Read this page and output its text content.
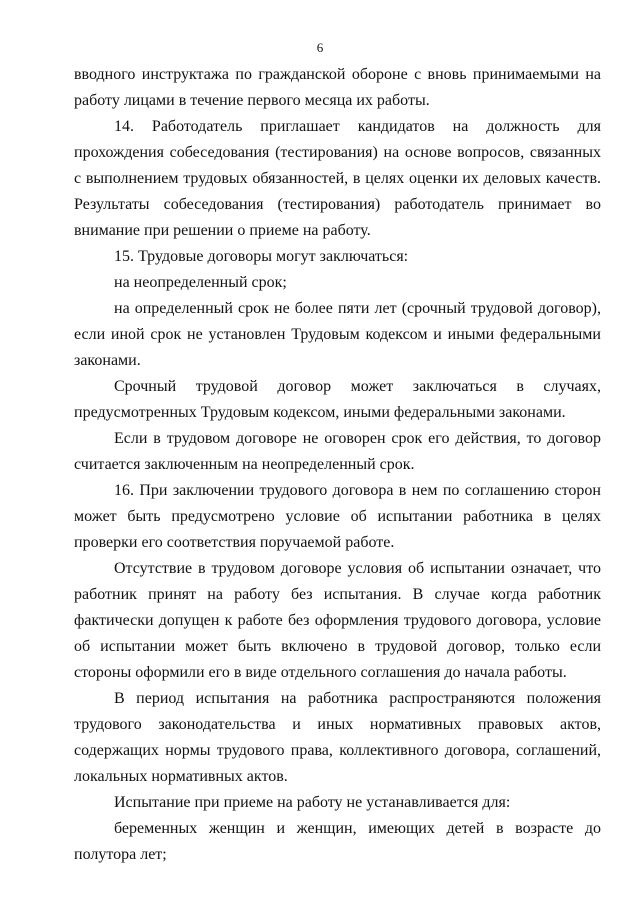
6

вводного инструктажа по гражданской обороне с вновь принимаемыми на работу лицами в течение первого месяца их работы.

14. Работодатель приглашает кандидатов на должность для прохождения собеседования (тестирования) на основе вопросов, связанных с выполнением трудовых обязанностей, в целях оценки их деловых качеств. Результаты собеседования (тестирования) работодатель принимает во внимание при решении о приеме на работу.

15. Трудовые договоры могут заключаться:

на неопределенный срок;

на определенный срок не более пяти лет (срочный трудовой договор), если иной срок не установлен Трудовым кодексом и иными федеральными законами.

Срочный трудовой договор может заключаться в случаях, предусмотренных Трудовым кодексом, иными федеральными законами.

Если в трудовом договоре не оговорен срок его действия, то договор считается заключенным на неопределенный срок.

16. При заключении трудового договора в нем по соглашению сторон может быть предусмотрено условие об испытании работника в целях проверки его соответствия поручаемой работе.

Отсутствие в трудовом договоре условия об испытании означает, что работник принят на работу без испытания. В случае когда работник фактически допущен к работе без оформления трудового договора, условие об испытании может быть включено в трудовой договор, только если стороны оформили его в виде отдельного соглашения до начала работы.

В период испытания на работника распространяются положения трудового законодательства и иных нормативных правовых актов, содержащих нормы трудового права, коллективного договора, соглашений, локальных нормативных актов.

Испытание при приеме на работу не устанавливается для:

беременных женщин и женщин, имеющих детей в возрасте до полутора лет;
